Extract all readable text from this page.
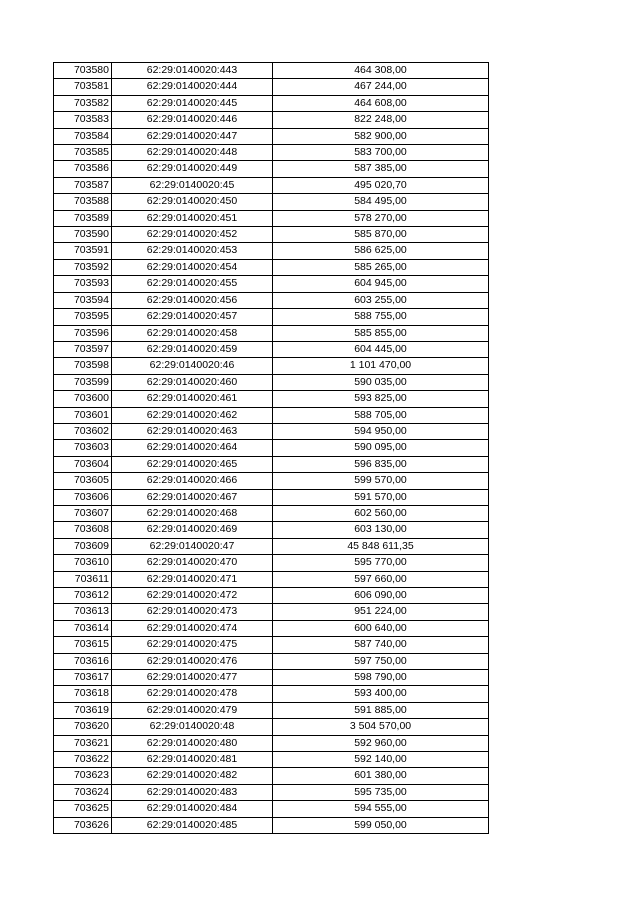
703580	62:29:0140020:443	464 308,00
703581	62:29:0140020:444	467 244,00
703582	62:29:0140020:445	464 608,00
703583	62:29:0140020:446	822 248,00
703584	62:29:0140020:447	582 900,00
703585	62:29:0140020:448	583 700,00
703586	62:29:0140020:449	587 385,00
703587	62:29:0140020:45	495 020,70
703588	62:29:0140020:450	584 495,00
703589	62:29:0140020:451	578 270,00
703590	62:29:0140020:452	585 870,00
703591	62:29:0140020:453	586 625,00
703592	62:29:0140020:454	585 265,00
703593	62:29:0140020:455	604 945,00
703594	62:29:0140020:456	603 255,00
703595	62:29:0140020:457	588 755,00
703596	62:29:0140020:458	585 855,00
703597	62:29:0140020:459	604 445,00
703598	62:29:0140020:46	1 101 470,00
703599	62:29:0140020:460	590 035,00
703600	62:29:0140020:461	593 825,00
703601	62:29:0140020:462	588 705,00
703602	62:29:0140020:463	594 950,00
703603	62:29:0140020:464	590 095,00
703604	62:29:0140020:465	596 835,00
703605	62:29:0140020:466	599 570,00
703606	62:29:0140020:467	591 570,00
703607	62:29:0140020:468	602 560,00
703608	62:29:0140020:469	603 130,00
703609	62:29:0140020:47	45 848 611,35
703610	62:29:0140020:470	595 770,00
703611	62:29:0140020:471	597 660,00
703612	62:29:0140020:472	606 090,00
703613	62:29:0140020:473	951 224,00
703614	62:29:0140020:474	600 640,00
703615	62:29:0140020:475	587 740,00
703616	62:29:0140020:476	597 750,00
703617	62:29:0140020:477	598 790,00
703618	62:29:0140020:478	593 400,00
703619	62:29:0140020:479	591 885,00
703620	62:29:0140020:48	3 504 570,00
703621	62:29:0140020:480	592 960,00
703622	62:29:0140020:481	592 140,00
703623	62:29:0140020:482	601 380,00
703624	62:29:0140020:483	595 735,00
703625	62:29:0140020:484	594 555,00
703626	62:29:0140020:485	599 050,00
